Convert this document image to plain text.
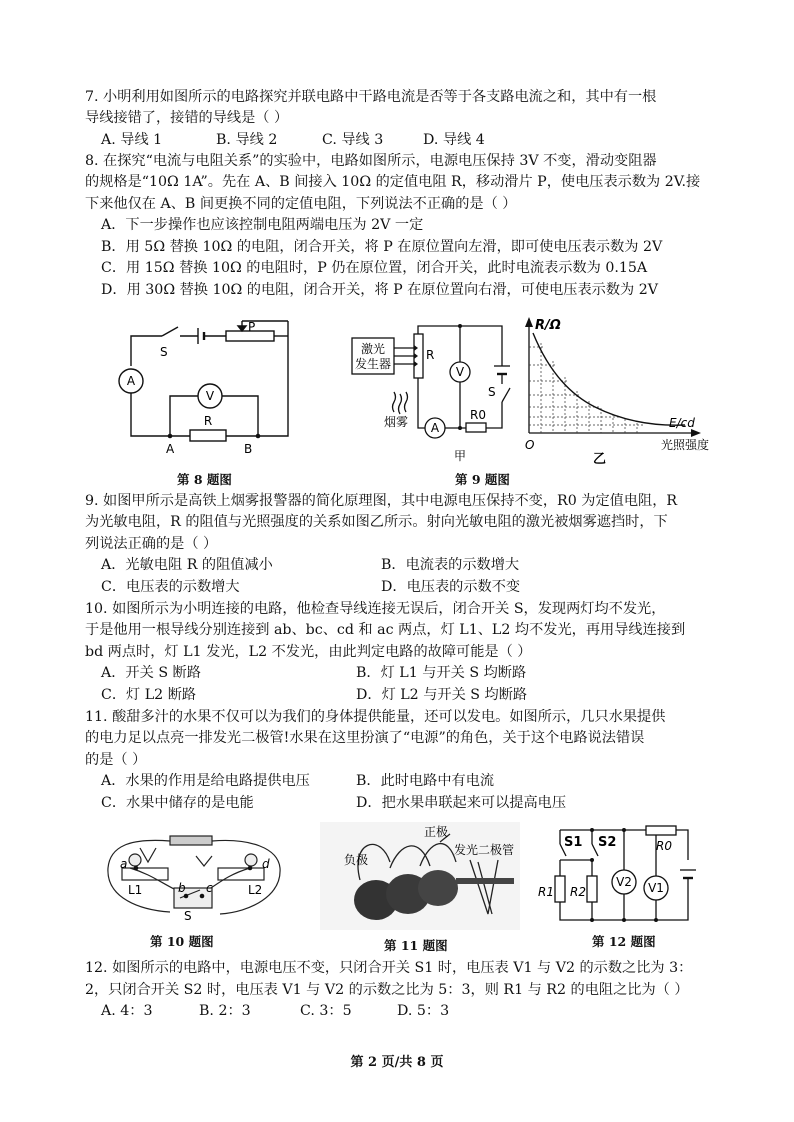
7. 小明利用如图所示的电路探究并联电路中干路电流是否等于各支路电流之和，其中有一根
导线接错了，接错的导线是（ ）
A. 导线 1	B. 导线 2	C. 导线 3	D. 导线 4
8. 在探究“电流与电阻关系”的实验中，电路如图所示，电源电压保持 3V 不变，滑动变阻器
的规格是“10Ω 1A”。先在 A、B 间接入 10Ω 的定值电阻 R，移动滑片 P，使电压表示数为 2V.接
下来他仅在 A、B 间更换不同的定值电阻，下列说法不正确的是（ ）
A．下一步操作也应该控制电阻两端电压为 2V 一定
B．用 5Ω 替换 10Ω 的电阻，闭合开关，将 P 在原位置向左滑，即可使电压表示数为 2V
C．用 15Ω 替换 10Ω 的电阻时，P 仍在原位置，闭合开关，此时电流表示数为 0.15A
D．用 30Ω 替换 10Ω 的电阻，闭合开关，将 P 在原位置向右滑，可使电压表示数为 2V
A
V
R
S
P
A	B
第 8 题图
激光
发生器
R
V
A
R0
S
烟雾
甲
R/Ω
E/cd
光照强度
O
乙
第 9 题图
9. 如图甲所示是高铁上烟雾报警器的简化原理图，其中电源电压保持不变，R0 为定值电阻，R
为光敏电阻，R 的阻值与光照强度的关系如图乙所示。射向光敏电阻的激光被烟雾遮挡时，下
列说法正确的是（ ）
A．光敏电阻 R 的阻值减小	B．电流表的示数增大
C．电压表的示数增大	D．电压表的示数不变
10. 如图所示为小明连接的电路，他检查导线连接无误后，闭合开关 S，发现两灯均不发光，
于是他用一根导线分别连接到 ab、bc、cd 和 ac 两点，灯 L1、L2 均不发光，再用导线连接到
bd 两点时，灯 L1 发光，L2 不发光，由此判定电路的故障可能是（ ）
A．开关 S 断路	B．灯 L1 与开关 S 均断路
C．灯 L2 断路	D．灯 L2 与开关 S 均断路
11. 酸甜多汁的水果不仅可以为我们的身体提供能量，还可以发电。如图所示，几只水果提供
的电力足以点亮一排发光二极管!水果在这里扮演了“电源”的角色，关于这个电路说法错误
的是（ ）
A．水果的作用是给电路提供电压	B．此时电路中有电流
C．水果中储存的是电能	D．把水果串联起来可以提高电压
a
b c
d
L1	L2
S
第 10 题图
负极
正极
发光二极管
第 11 题图
S1 S2	R0
R1 R2
V2 V1
第 12 题图
12. 如图所示的电路中，电源电压不变，只闭合开关 S1 时，电压表 V1 与 V2 的示数之比为 3：
2，只闭合开关 S2 时，电压表 V1 与 V2 的示数之比为 5：3，则 R1 与 R2 的电阻之比为（ ）
A. 4：3	B. 2：3	C. 3：5	D. 5：3
第 2 页/共 8 页
